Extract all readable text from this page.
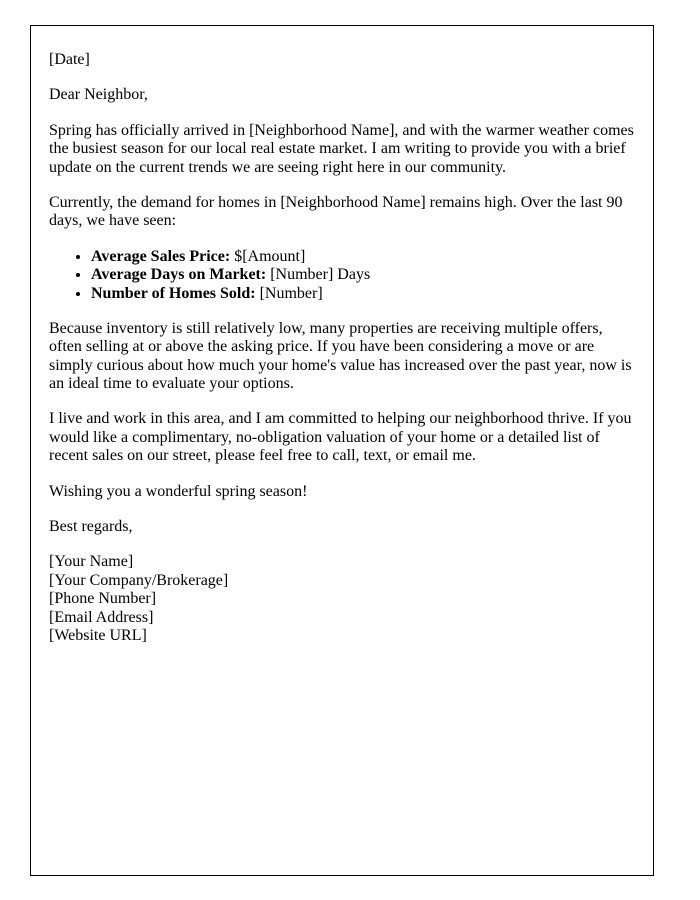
[Date]
Dear Neighbor,

Spring has officially arrived in [Neighborhood Name], and with the warmer weather comes the busiest season for our local real estate market. I am writing to provide you with a brief update on the current trends we are seeing right here in our community.

Currently, the demand for homes in [Neighborhood Name] remains high. Over the last 90 days, we have seen:

• Average Sales Price: $[Amount]
• Average Days on Market: [Number] Days
• Number of Homes Sold: [Number]

Because inventory is still relatively low, many properties are receiving multiple offers, often selling at or above the asking price. If you have been considering a move or are simply curious about how much your home's value has increased over the past year, now is an ideal time to evaluate your options.

I live and work in this area, and I am committed to helping our neighborhood thrive. If you would like a complimentary, no-obligation valuation of your home or a detailed list of recent sales on our street, please feel free to call, text, or email me.

Wishing you a wonderful spring season!
Best regards,
[Your Name]
[Your Company/Brokerage]
[Phone Number]
[Email Address]
[Website URL]
